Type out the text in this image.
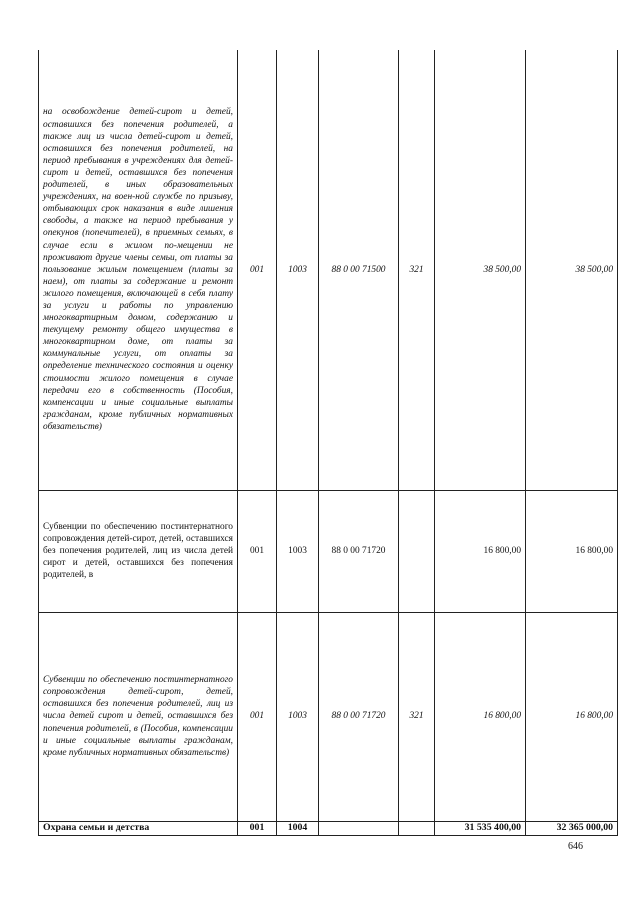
на освобождение детей-сирот и детей, оставшихся без попечения родителей, а также лиц из числа детей-сирот и детей, оставшихся без попечения родителей, на период пребывания в учреждениях для детей-сирот и детей, оставшихся без попечения родителей, в иных образовательных учреждениях, на воен-ной службе по призыву, отбывающих срок наказания в виде лишения свободы, а также на период пребывания у опекунов (попечителей), в приемных семьях, в случае если в жилом по-мещении не проживают другие члены семьи, от платы за пользование жилым помещением (платы за наем), от платы за содержание и ремонт жилого помещения, включающей в себя плату за услуги и работы по управлению многоквартирным домом, содержанию и текущему ремонту общего имущества в многоквартирном доме, от платы за коммунальные услуги, от оплаты за определение технического состояния и оценку стоимости жилого помещения в случае передачи его в собственность (Пособия, компенсации и иные социальные выплаты гражданам, кроме публичных нормативных обязательств)	001	1003	88 0 00 71500	321	38 500,00	38 500,00
Субвенции по обеспечению постинтернатного сопровождения детей-сирот, детей, оставшихся без попечения родителей, лиц из числа детей сирот и детей, оставшихся без попечения родителей, в	001	1003	88 0 00 71720		16 800,00	16 800,00
Субвенции по обеспечению постинтернатного сопровождения детей-сирот, детей, оставшихся без попечения родителей, лиц из числа детей сирот и детей, оставшихся без попечения родителей, в (Пособия, компенсации и иные социальные выплаты гражданам, кроме публичных нормативных обязательств)	001	1003	88 0 00 71720	321	16 800,00	16 800,00
Охрана семьи и детства	001	1004			31 535 400,00	32 365 000,00
646
